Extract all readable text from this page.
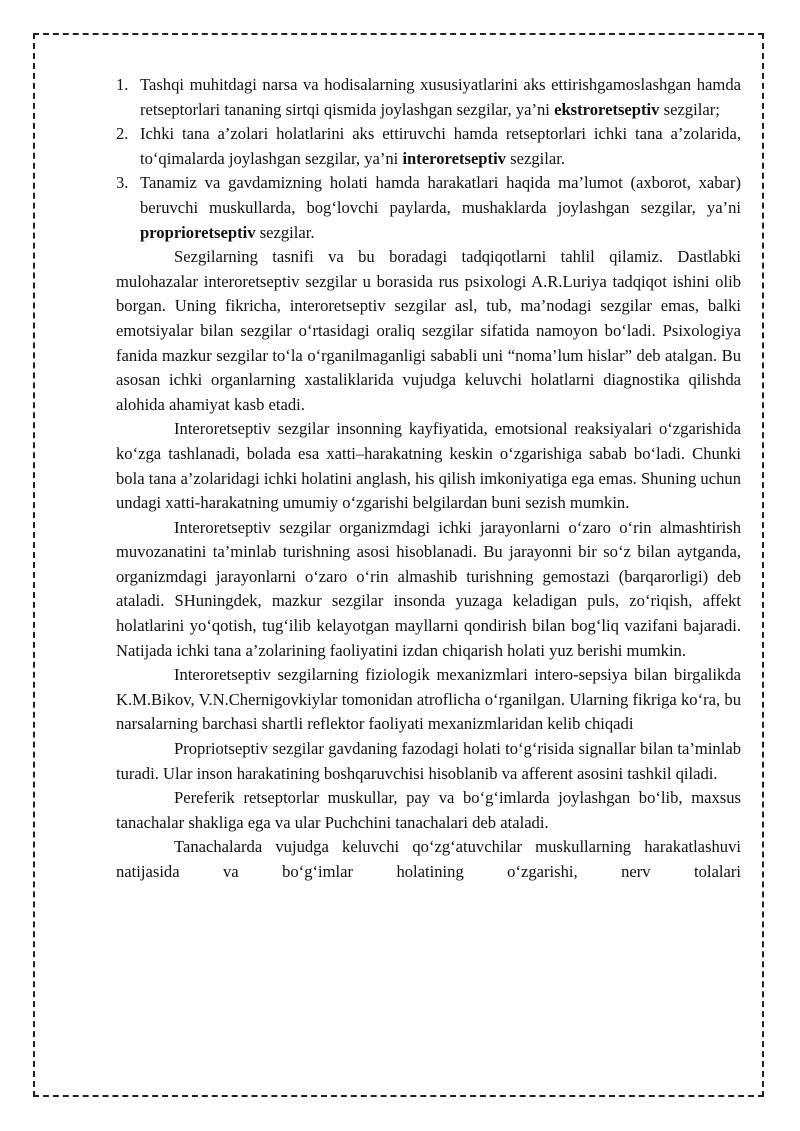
1. Tashqi muhitdagi narsa va hodisalarning xususiyatlarini aks ettirishgamoslashgan hamda retseptorlari tananing sirtqi qismida joylashgan sezgilar, ya’ni ekstroretseptiv sezgilar;
2. Ichki tana a’zolari holatlarini aks ettiruvchi hamda retseptorlari ichki tana a’zolarida, to‘qimalarda joylashgan sezgilar, ya’ni interoretseptiv sezgilar.
3. Tanamiz va gavdamizning holati hamda harakatlari haqida ma’lumot (axborot, xabar) beruvchi muskullarda, bog‘lovchi paylarda, mushaklarda joylashgan sezgilar, ya’ni proprioretseptiv sezgilar.

Sezgilarning tasnifi va bu boradagi tadqiqotlarni tahlil qilamiz. Dastlabki mulohazalar interoretseptiv sezgilar u borasida rus psixologi A.R.Luriya tadqiqot ishini olib borgan. Uning fikricha, interoretseptiv sezgilar asl, tub, ma’nodagi sezgilar emas, balki emotsiyalar bilan sezgilar o‘rtasidagi oraliq sezgilar sifatida namoyon bo‘ladi. Psixologiya fanida mazkur sezgilar to‘la o‘rganilmaganligi sababli uni “noma’lum hislar” deb atalgan. Bu asosan ichki organlarning xastaliklarida vujudga keluvchi holatlarni diagnostika qilishda alohida ahamiyat kasb etadi.

Interoretseptiv sezgilar insonning kayfiyatida, emotsional reaksiyalari o‘zgarishida ko‘zga tashlanadi, bolada esa xatti–harakatning keskin o‘zgarishiga sabab bo‘ladi. Chunki bola tana a’zolaridagi ichki holatini anglash, his qilish imkoniyatiga ega emas. Shuning uchun undagi xatti-harakatning umumiy o‘zgarishi belgilardan buni sezish mumkin.

Interoretseptiv sezgilar organizmdagi ichki jarayonlarni o‘zaro o‘rin almashtirish muvozanatini ta’minlab turishning asosi hisoblanadi. Bu jarayonni bir so‘z bilan aytganda, organizmdagi jarayonlarni o‘zaro o‘rin almashib turishning gemostazi (barqarorligi) deb ataladi. SHuningdek, mazkur sezgilar insonda yuzaga keladigan puls, zo‘riqish, affekt holatlarini yo‘qotish, tug‘ilib kelayotgan mayllarni qondirish bilan bog‘liq vazifani bajaradi. Natijada ichki tana a’zolarining faoliyatini izdan chiqarish holati yuz berishi mumkin.

Interoretseptiv sezgilarning fiziologik mexanizmlari intero-sepsiya bilan birgalikda K.M.Bikov, V.N.Chernigovkiylar tomonidan atroflicha o‘rganilgan. Ularning fikriga ko‘ra, bu narsalarning barchasi shartli reflektor faoliyati mexanizmlaridan kelib chiqadi

Propriotseptiv sezgilar gavdaning fazodagi holati to‘g‘risida signallar bilan ta’minlab turadi. Ular inson harakatining boshqaruvchisi hisoblanib va afferent asosini tashkil qiladi.

Pereferik retseptorlar muskullar, pay va bo‘g‘imlarda joylashgan bo‘lib, maxsus tanachalar shakliga ega va ular Puchchini tanachalari deb ataladi.

Tanachalarda vujudga keluvchi qo‘zg‘atuvchilar muskullarning harakatlashuvi natijasida va bo‘g‘imlar holatining o‘zgarishi, nerv tolalari
